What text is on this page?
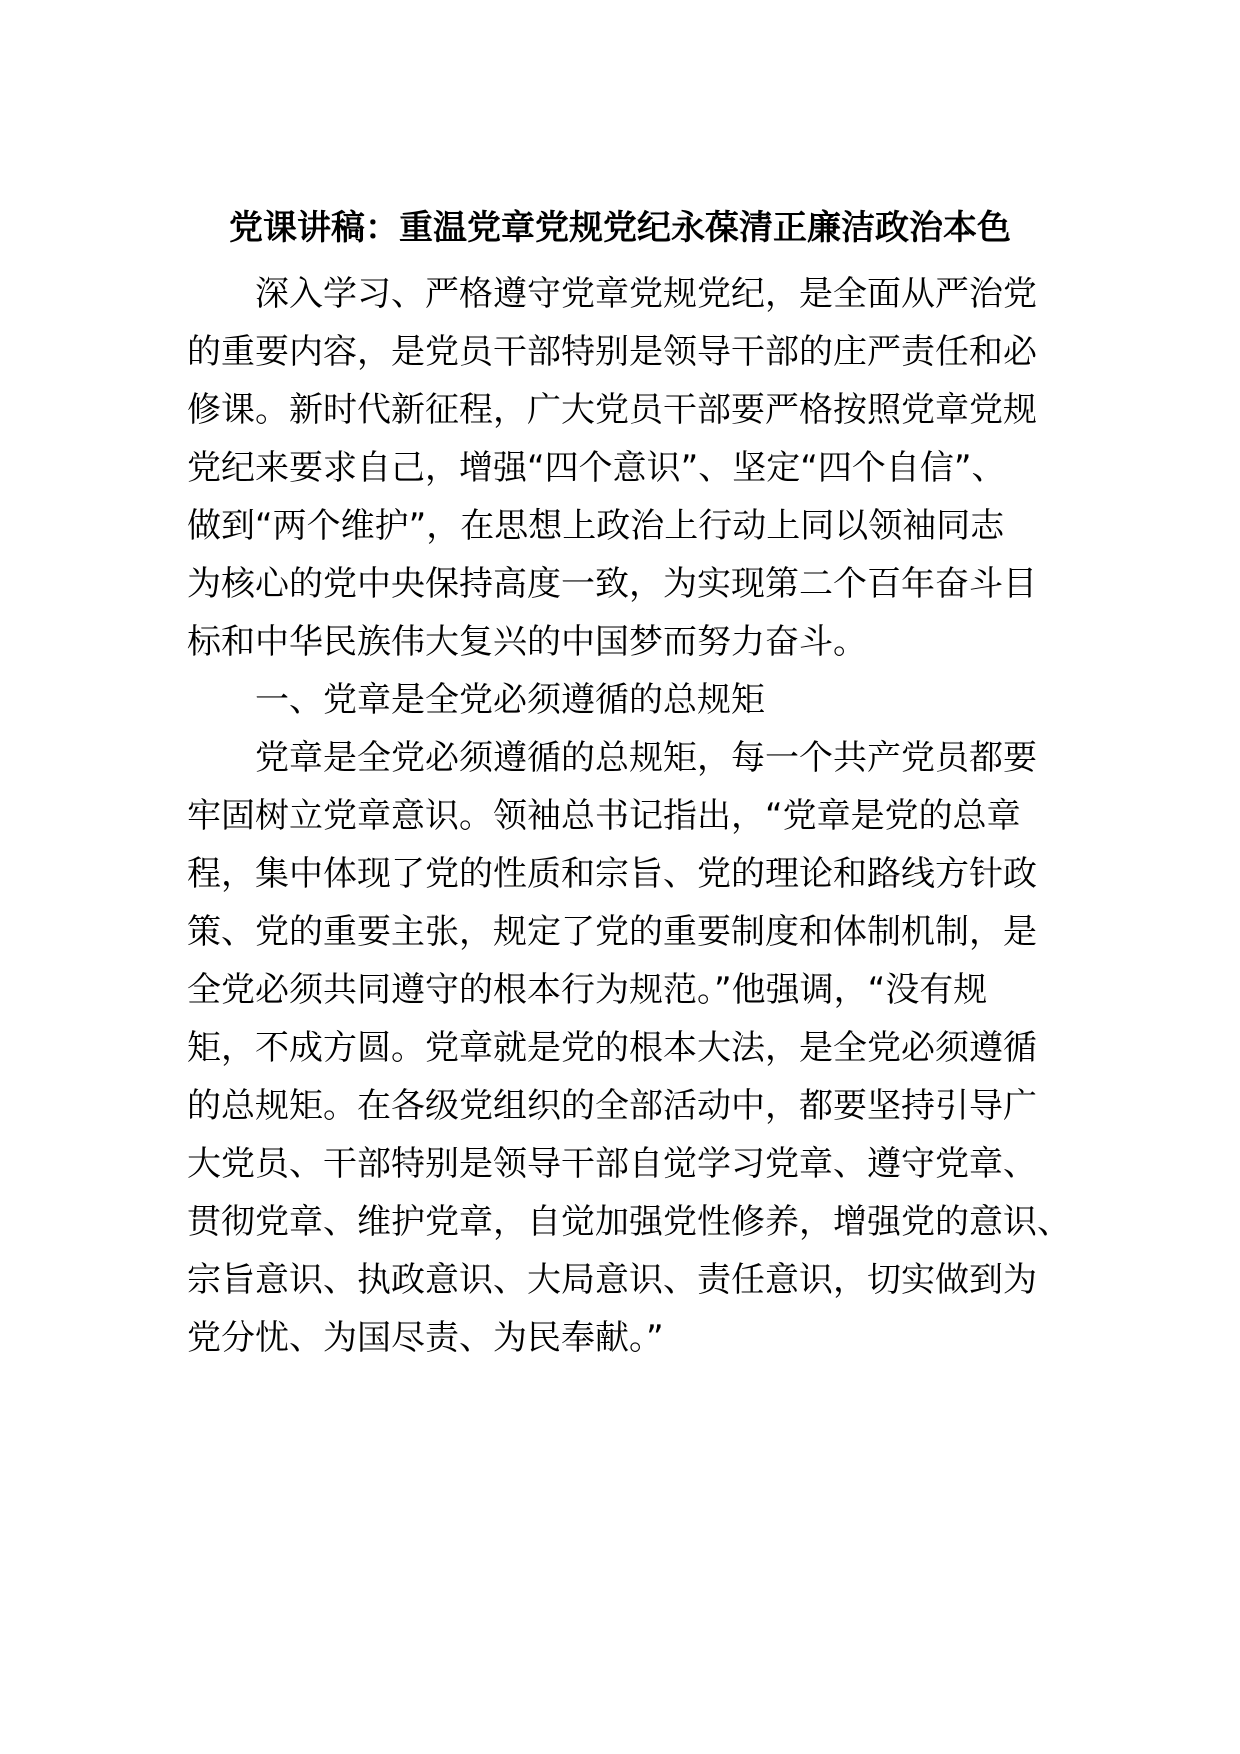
党课讲稿：重温党章党规党纪永葆清正廉洁政治本色
深入学习、严格遵守党章党规党纪，是全面从严治党
的重要内容，是党员干部特别是领导干部的庄严责任和必
修课。新时代新征程，广大党员干部要严格按照党章党规
党纪来要求自己，增强“四个意识”、坚定“四个自信”、
做到“两个维护”，在思想上政治上行动上同以领袖同志
为核心的党中央保持高度一致，为实现第二个百年奋斗目
标和中华民族伟大复兴的中国梦而努力奋斗。
一、党章是全党必须遵循的总规矩
党章是全党必须遵循的总规矩，每一个共产党员都要
牢固树立党章意识。领袖总书记指出，“党章是党的总章
程，集中体现了党的性质和宗旨、党的理论和路线方针政
策、党的重要主张，规定了党的重要制度和体制机制，是
全党必须共同遵守的根本行为规范。”他强调，“没有规
矩，不成方圆。党章就是党的根本大法，是全党必须遵循
的总规矩。在各级党组织的全部活动中，都要坚持引导广
大党员、干部特别是领导干部自觉学习党章、遵守党章、
贯彻党章、维护党章，自觉加强党性修养，增强党的意识、
宗旨意识、执政意识、大局意识、责任意识，切实做到为
党分忧、为国尽责、为民奉献。”
